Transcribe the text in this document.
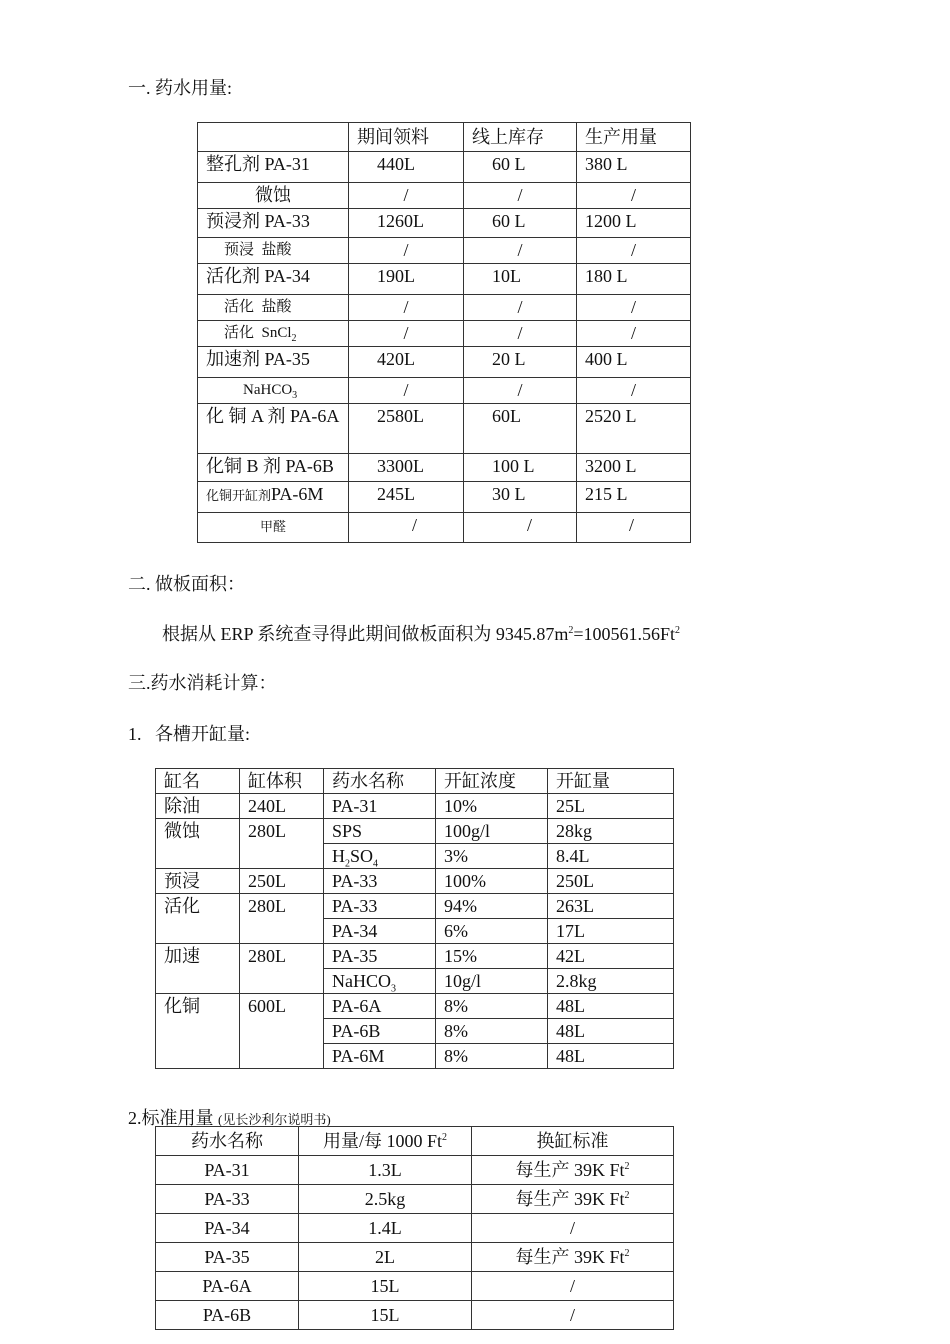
一. 药水用量:
	期间领料	线上库存	生产用量
整孔剂 PA-31	440L	60 L	380 L
微蚀	/	/	/
预浸剂 PA-33	1260L	60 L	1200 L
预浸  盐酸	/	/	/
活化剂 PA-34	190L	10L	180 L
活化  盐酸	/	/	/
活化  SnCl$_2$	/	/	/
加速剂 PA-35	420L	20 L	400 L
NaHCO$_3$	/	/	/
化 铜 A 剂 PA-6A	2580L	60L	2520 L
化铜 B 剂 PA-6B	3300L	100 L	3200 L
化铜开缸剂PA-6M	245L	30 L	215 L
甲醛	/	/	/
二. 做板面积：
根据从 ERP 系统查寻得此期间做板面积为 $9345.87m^2=100561.56Ft^2$
三.药水消耗计算：
1.   各槽开缸量:
缸名	缸体积	药水名称	开缸浓度	开缸量
除油	240L	PA-31	10%	25L
微蚀	280L	SPS	100g/l	28kg
		$H_2SO_4$	3%	8.4L
预浸	250L	PA-33	100%	250L
活化	280L	PA-33	94%	263L
		PA-34	6%	17L
加速	280L	PA-35	15%	42L
		NaHCO$_3$	10g/l	2.8kg
化铜	600L	PA-6A	8%	48L
		PA-6B	8%	48L
		PA-6M	8%	48L
2.标准用量 (见长沙利尔说明书)
药水名称	用量/每 1000 Ft$^2$	换缸标准
PA-31	1.3L	每生产 39K Ft$^2$
PA-33	2.5kg	每生产 39K Ft$^2$
PA-34	1.4L	/
PA-35	2L	每生产 39K Ft$^2$
PA-6A	15L	/
PA-6B	15L	/
